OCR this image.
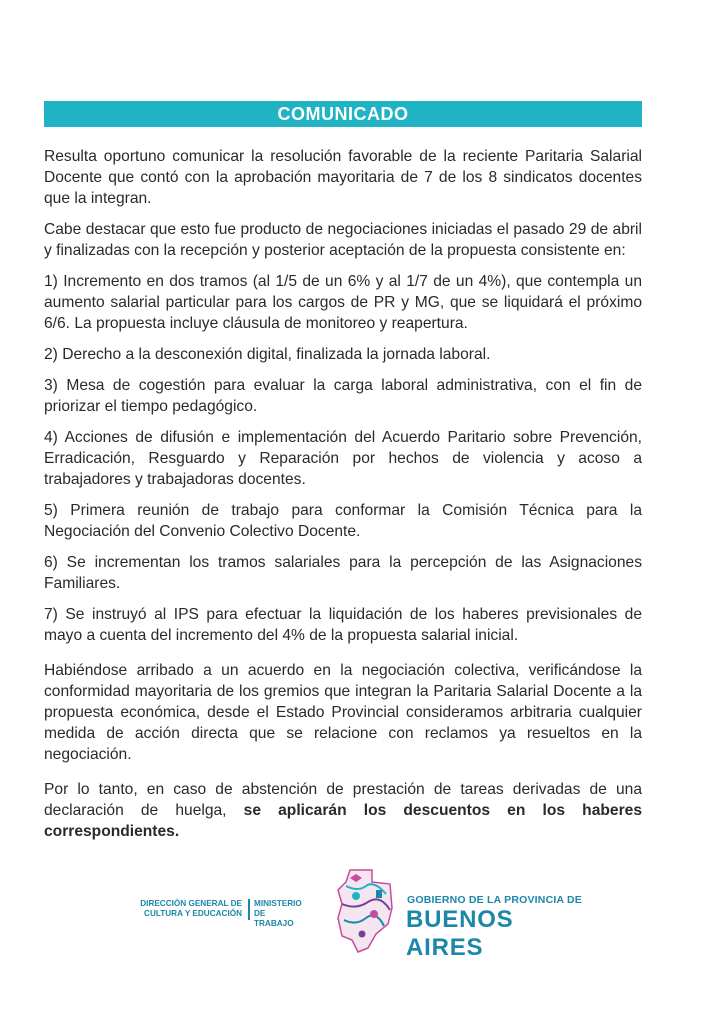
COMUNICADO

Resulta oportuno comunicar la resolución favorable de la reciente Paritaria Salarial Docente que contó con la aprobación mayoritaria de 7 de los 8 sindicatos docentes que la integran.

Cabe destacar que esto fue producto de negociaciones iniciadas el pasado 29 de abril y finalizadas con la recepción y posterior aceptación de la propuesta consistente en:

1) Incremento en dos tramos (al 1/5 de un 6% y al 1/7 de un 4%), que contempla un aumento salarial particular para los cargos de PR y MG, que se liquidará el próximo 6/6. La propuesta incluye cláusula de monitoreo y reapertura.

2) Derecho a la desconexión digital, finalizada la jornada laboral.

3) Mesa de cogestión para evaluar la carga laboral administrativa, con el fin de priorizar el tiempo pedagógico.

4) Acciones de difusión e implementación del Acuerdo Paritario sobre Prevención, Erradicación, Resguardo y Reparación por hechos de violencia y acoso a trabajadores y trabajadoras docentes.

5) Primera reunión de trabajo para conformar la Comisión Técnica para la Negociación del Convenio Colectivo Docente.

6) Se incrementan los tramos salariales para la percepción de las Asignaciones Familiares.

7) Se instruyó al IPS para efectuar la liquidación de los haberes previsionales de mayo a cuenta del incremento del 4% de la propuesta salarial inicial.

Habiéndose arribado a un acuerdo en la negociación colectiva, verificándose la conformidad mayoritaria de los gremios que integran la Paritaria Salarial Docente a la propuesta económica, desde el Estado Provincial consideramos arbitraria cualquier medida de acción directa que se relacione con reclamos ya resueltos en la negociación.

Por lo tanto, en caso de abstención de prestación de tareas derivadas de una declaración de huelga, se aplicarán los descuentos en los haberes correspondientes.

DIRECCIÓN GENERAL DE
CULTURA Y EDUCACIÓN
MINISTERIO DE
TRABAJO
GOBIERNO DE LA PROVINCIA DE
BUENOS AIRES
